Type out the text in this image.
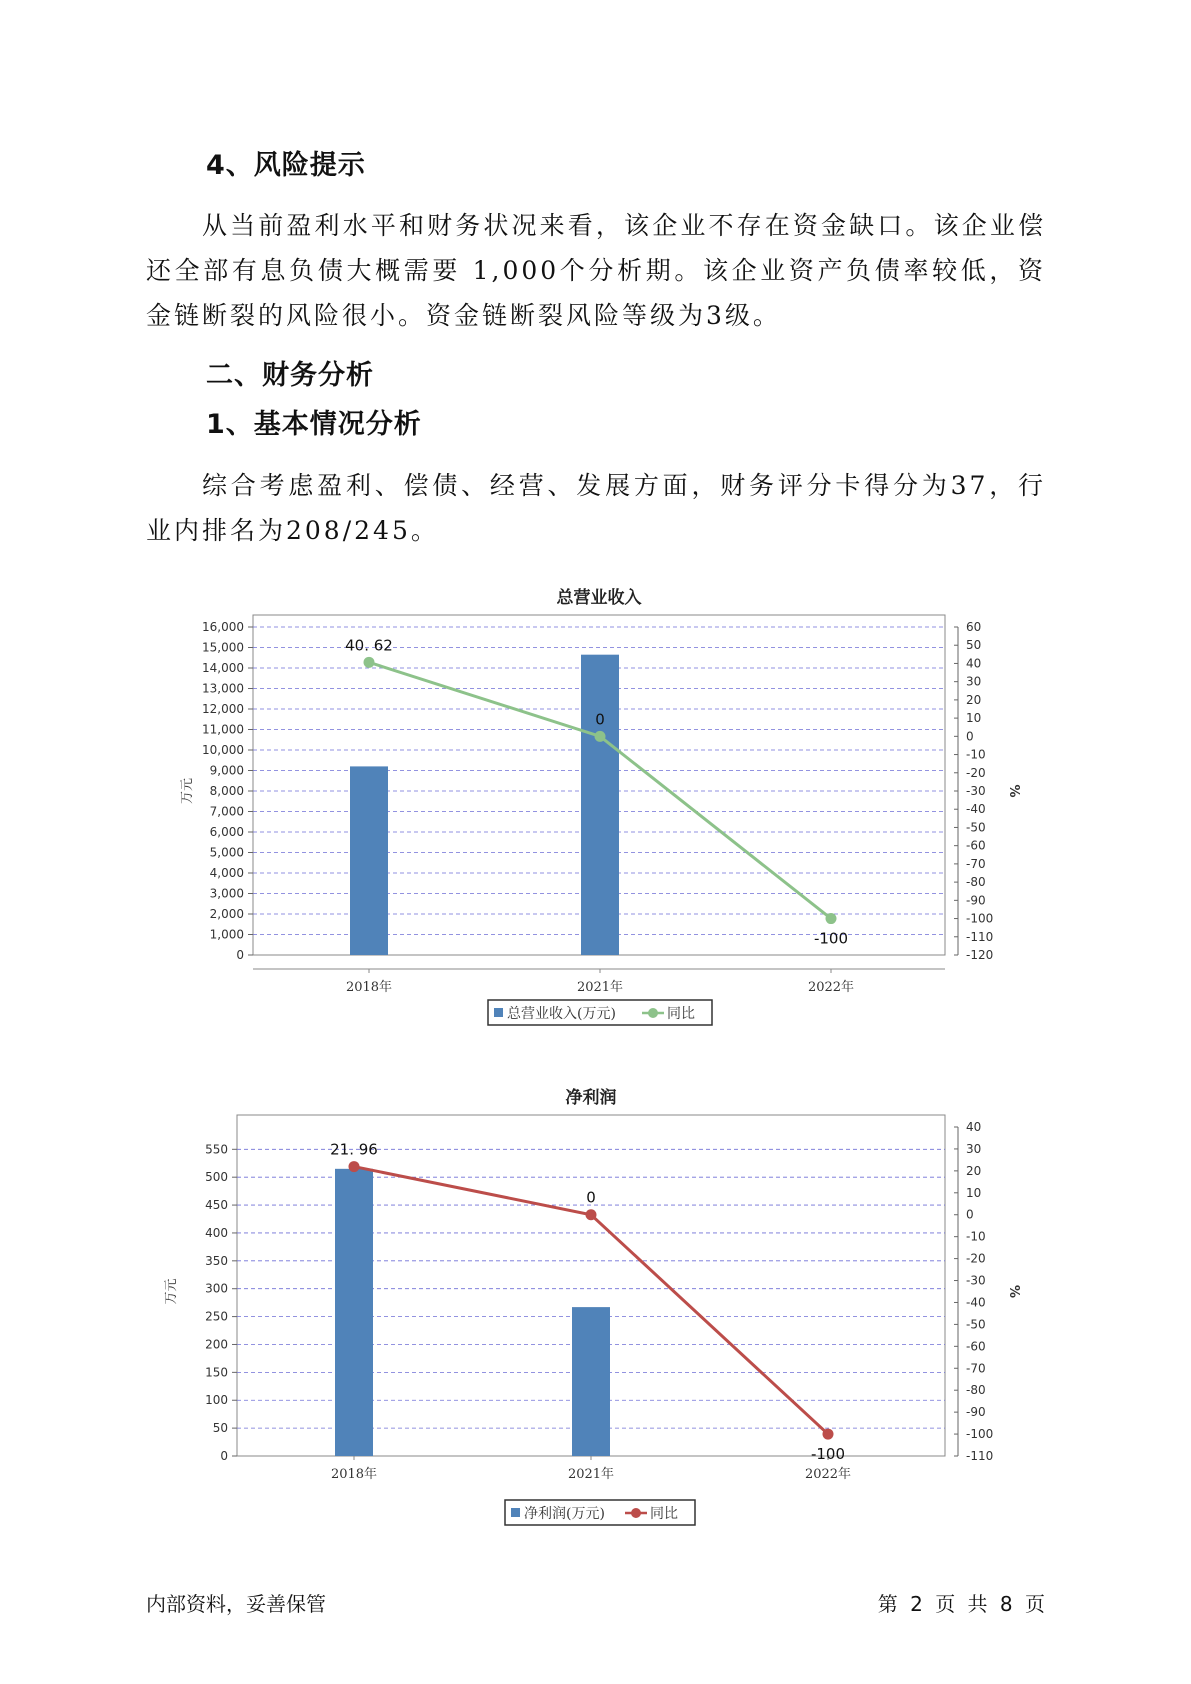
4、风险提示

从当前盈利水平和财务状况来看，该企业不存在资金缺口。该企业偿还全部有息负债大概需要 1,000个分析期。该企业资产负债率较低，资金链断裂的风险很小。资金链断裂风险等级为3级。

二、财务分析
1、基本情况分析

综合考虑盈利、偿债、经营、发展方面，财务评分卡得分为37，行业内排名为208/245。

总营业收入
16,000
15,000
14,000
13,000
12,000
11,000
10,000
9,000
8,000
7,000
6,000
5,000
4,000
3,000
2,000
1,000
0
万元
60
50
40
30
20
10
0
-10
-20
-30
-40
-50
-60
-70
-80
-90
-100
-110
-120
%
2018年	2021年	2022年
40. 62
0
-100
总营业收入(万元)	同比
净利润
550
500
450
400
350
300
250
200
150
100
50
0
万元
40
30
20
10
0
-10
-20
-30
-40
-50
-60
-70
-80
-90
-100
-110
%
2018年	2021年	2022年
21. 96
0
-100
净利润(万元)	同比
内部资料，妥善保管	第 2 页 共 8 页
